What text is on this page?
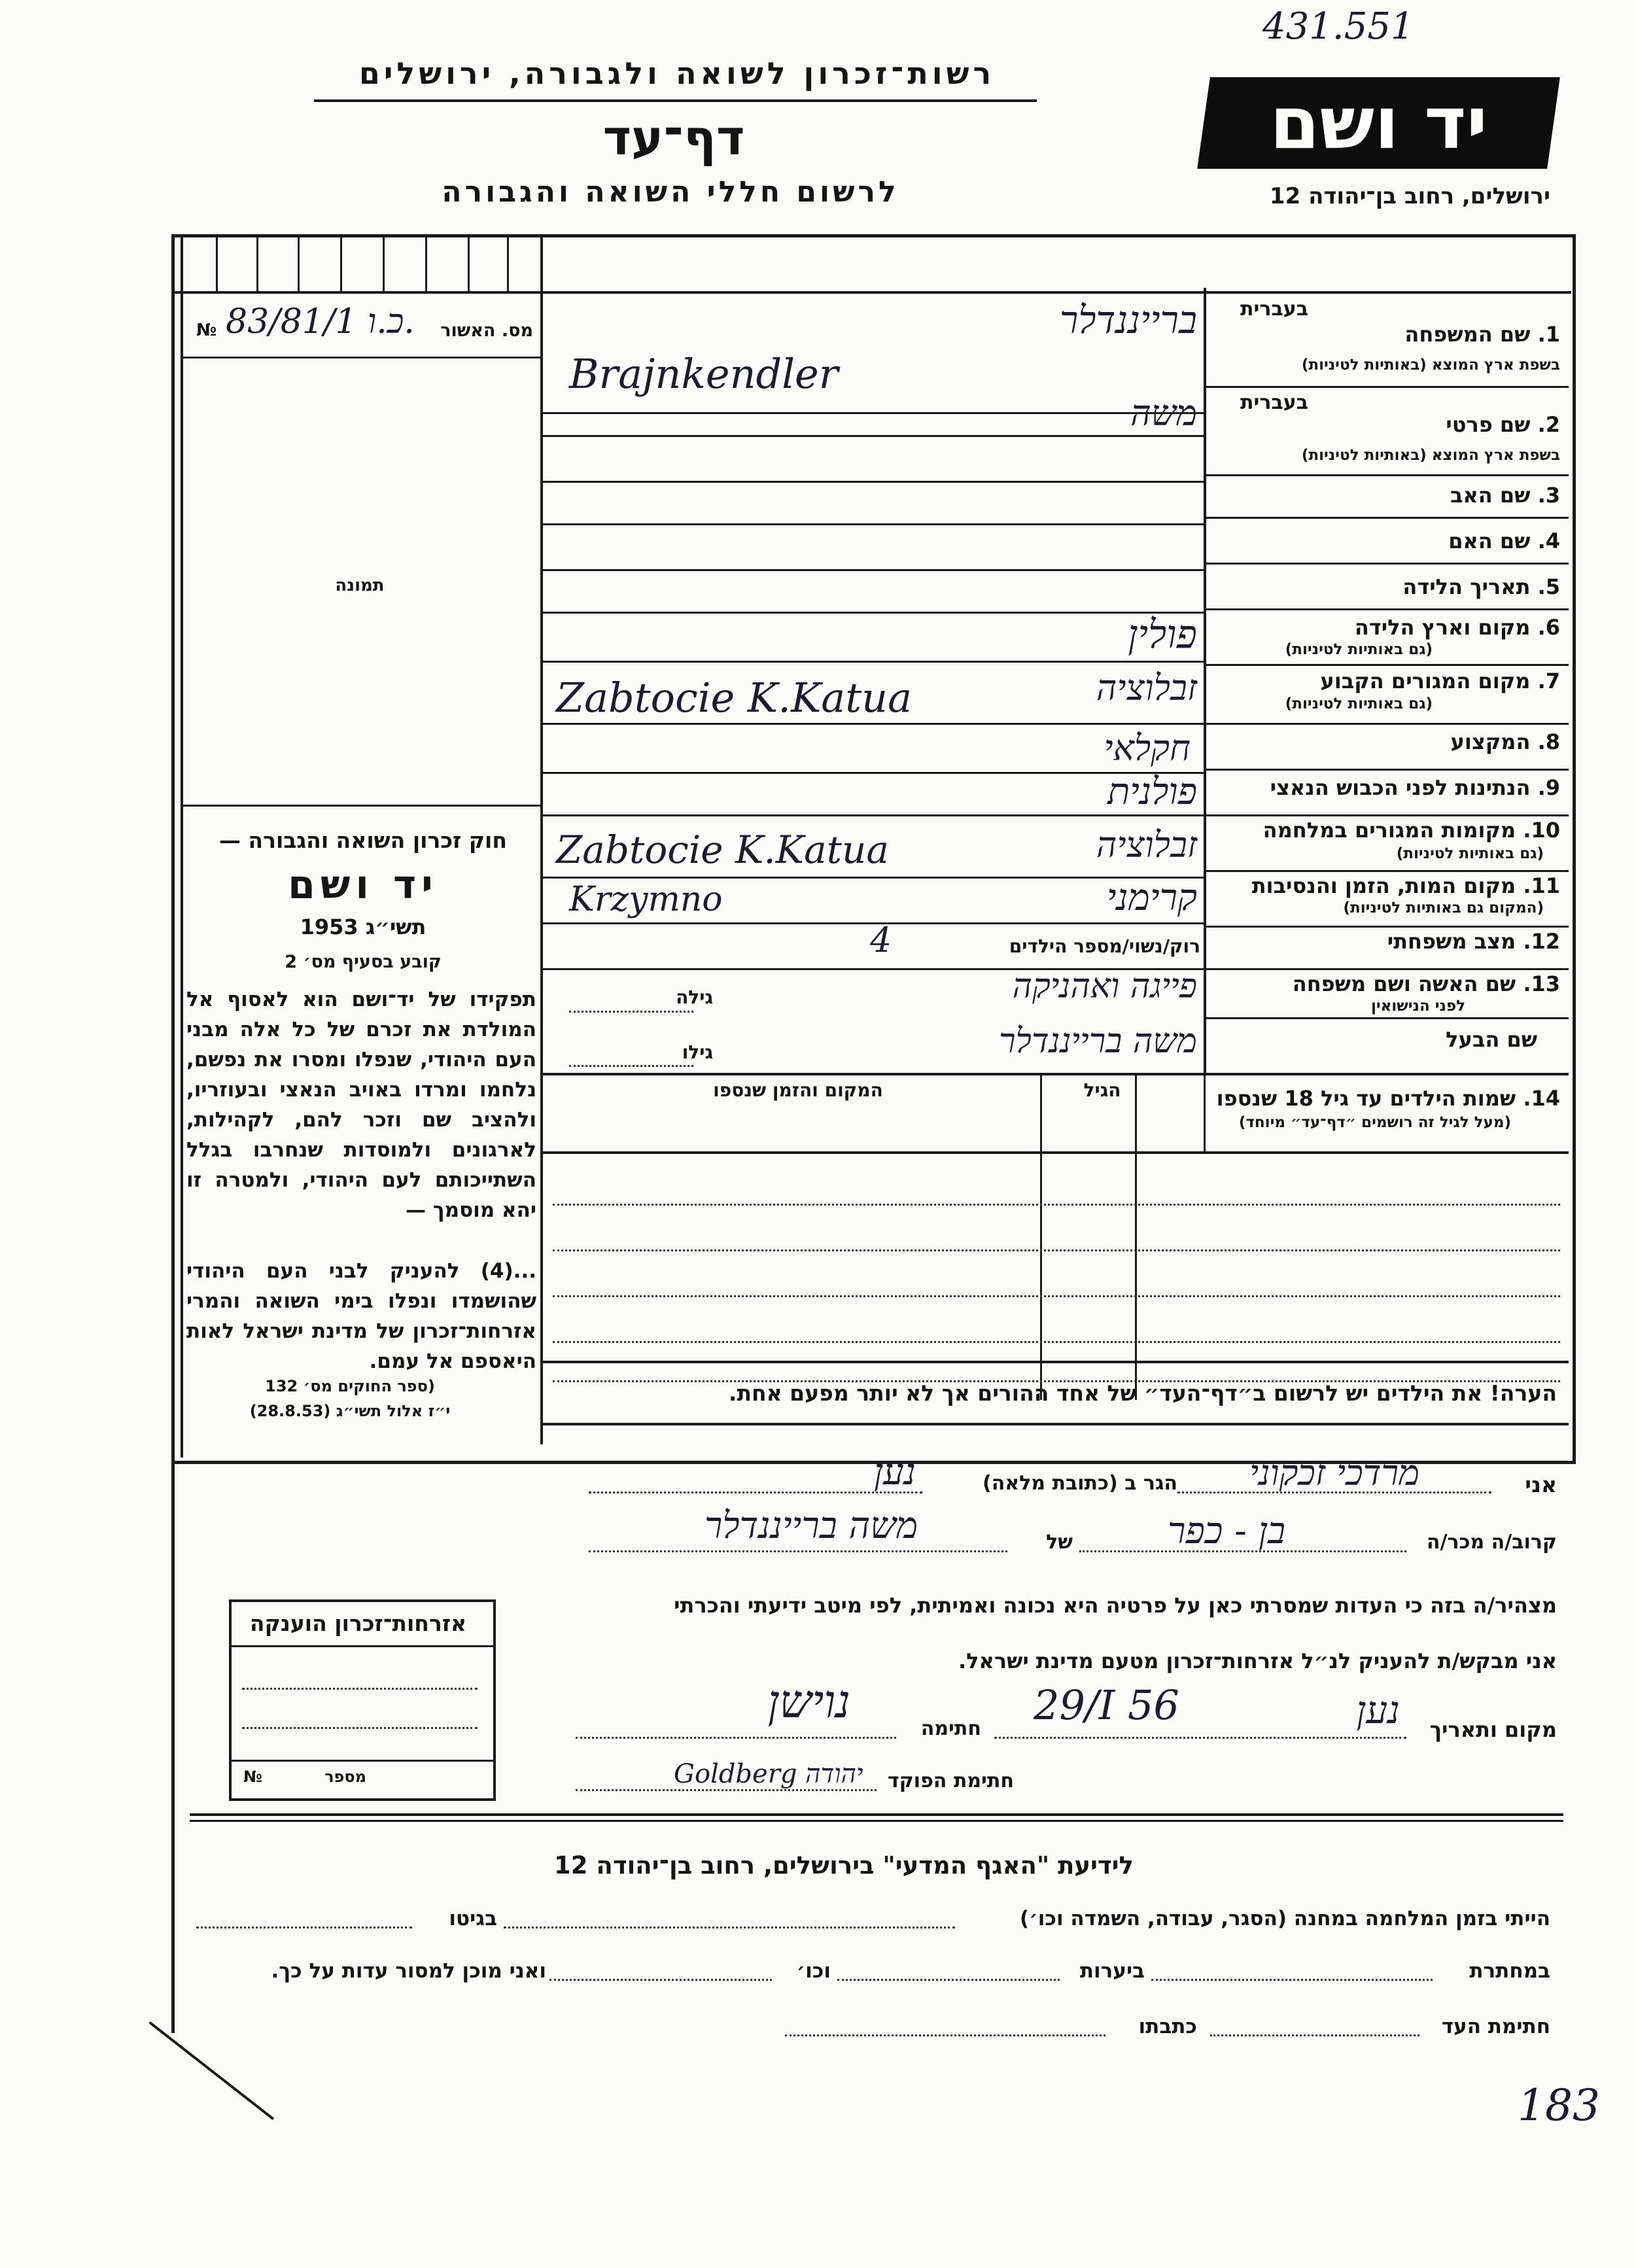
431.551
183
רשות־זכרון לשואה ולגבורה, ירושלים
דף־עד
לרשום חללי השואה והגבורה
יד ושם
ירושלים, רחוב בן־יהודה 12
№ 83/81/1 כ.ו.	מס. האשור
תמונה
חוק זכרון השואה והגבורה —
יד ושם
תשי״ג 1953
קובע בסעיף מס׳ 2
תפקידו של יד־ושם הוא לאסוף אל המולדת את זכרם של כל אלה מבני העם היהודי, שנפלו ומסרו את נפשם, נלחמו ומרדו באויב הנאצי ובעוזריו, ולהציב שם וזכר להם, לקהילות, לארגונים ולמוסדות שנחרבו בגלל השתייכותם לעם היהודי, ולמטרה זו יהא מוסמך —
...(4) להעניק לבני העם היהודי שהושמדו ונפלו בימי השואה והמרי אזרחות־זכרון של מדינת ישראל לאות היאספם אל עמם.
(ספר החוקים מס׳ 132
י״ז אלול תשי״ג (28.8.53)
אזרחות־זכרון הוענקה
№	מספר
בעברית
1. שם המשפחה
בשפת ארץ המוצא (באותיות לטיניות)
ברייננדלר
Brajnkendler
בעברית
2. שם פרטי
בשפת ארץ המוצא (באותיות לטיניות)
משה
3. שם האב
4. שם האם
5. תאריך הלידה
6. מקום וארץ הלידה
(גם באותיות לטיניות)
פולין
7. מקום המגורים הקבוע
(גם באותיות לטיניות)
זבלוציה
Zabtocie K.Katua
8. המקצוע
חקלאי
9. הנתינות לפני הכבוש הנאצי
פולנית
10. מקומות המגורים במלחמה
(גם באותיות לטיניות)
זבלוציה
Zabtocie K.Katua
11. מקום המות, הזמן והנסיבות
(המקום גם באותיות לטיניות)
קרימני
Krzymno
12. מצב משפחתי
רוק/נשוי/מספר הילדים
4
13. שם האשה ושם משפחה
לפני הנישואין
פייגה ואהניקה
גילה
שם הבעל
משה ברייננדלר
גילו
14. שמות הילדים עד גיל 18 שנספו
(מעל לגיל זה רושמים ״דף־עד״ מיוחד)
הגיל
המקום והזמן שנספו
הערה! את הילדים יש לרשום ב״דף־העד״ של אחד ההורים אך לא יותר מפעם אחת.
אני
מרדכי זכקוני
הגר ב (כתובת מלאה)
נען
קרוב/ה מכר/ה
בן - כפר
של
משה ברייננדלר
מצהיר/ה בזה כי העדות שמסרתי כאן על פרטיה היא נכונה ואמיתית, לפי מיטב ידיעתי והכרתי
אני מבקש/ת להעניק לנ״ל אזרחות־זכרון מטעם מדינת ישראל.
מקום ותאריך
נען
29/I 56
חתימה
נוישן
חתימת הפוקד
Goldberg יהודה
לידיעת "האגף המדעי" בירושלים, רחוב בן־יהודה 12
הייתי בזמן המלחמה במחנה (הסגר, עבודה, השמדה וכו׳)
בגיטו
במחתרת
ביערות
וכו׳
ואני מוכן למסור עדות על כך.
חתימת העד
כתבתו
